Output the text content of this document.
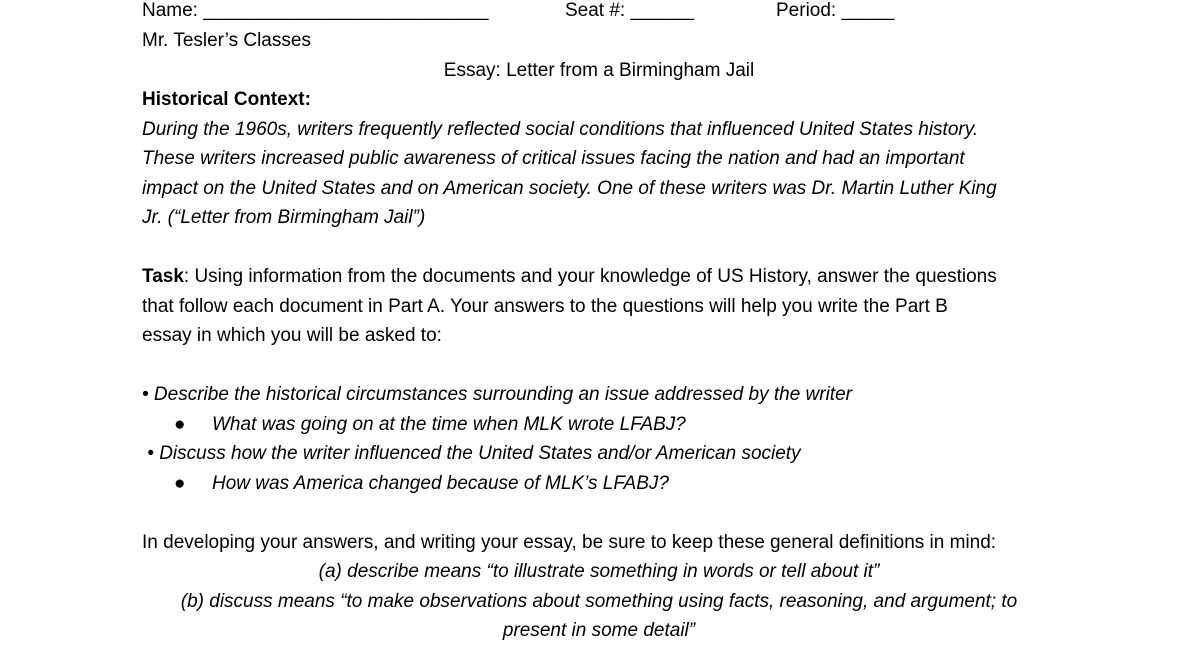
Name: ___________________________	Seat #: ______	Period: _____
Mr. Tesler’s Classes
Essay: Letter from a Birmingham Jail
Historical Context:
During the 1960s, writers frequently reflected social conditions that influenced United States history.
These writers increased public awareness of critical issues facing the nation and had an important
impact on the United States and on American society. One of these writers was Dr. Martin Luther King
Jr. (“Letter from Birmingham Jail”)
Task: Using information from the documents and your knowledge of US History, answer the questions
that follow each document in Part A. Your answers to the questions will help you write the Part B
essay in which you will be asked to:
• Describe the historical circumstances surrounding an issue addressed by the writer
● What was going on at the time when MLK wrote LFABJ?
• Discuss how the writer influenced the United States and/or American society
● How was America changed because of MLK’s LFABJ?
In developing your answers, and writing your essay, be sure to keep these general definitions in mind:
(a) describe means “to illustrate something in words or tell about it”
(b) discuss means “to make observations about something using facts, reasoning, and argument; to
present in some detail”
